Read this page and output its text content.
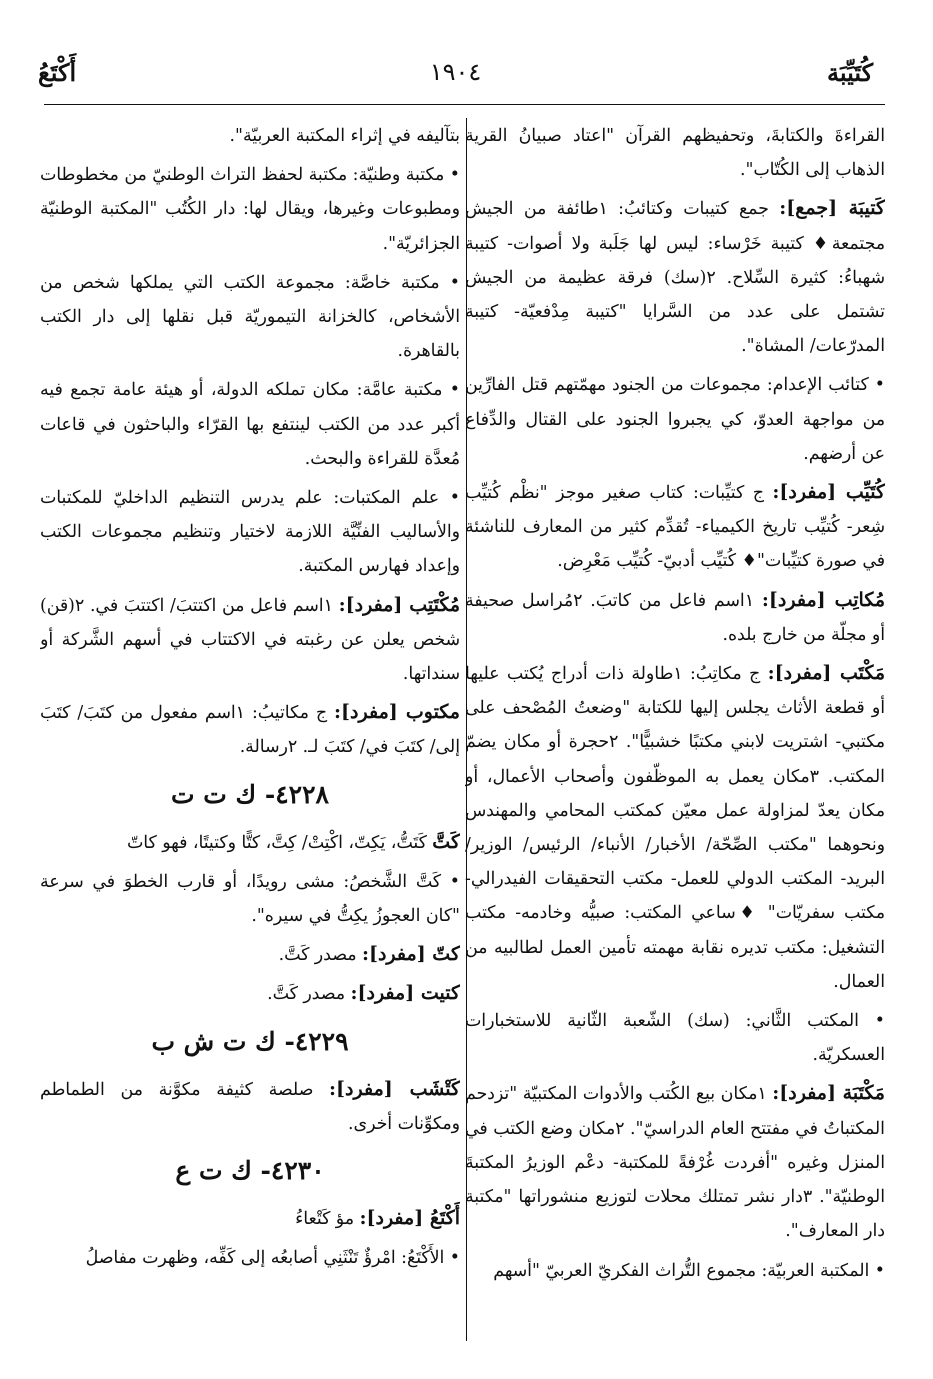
كُتَيِّبَة
١٩٠٤
أَكْتَعُ

القراءةَ والكتابةَ، وتحفيظهم القرآن "اعتاد صبيانُ القرية الذهاب إلى الكُتّاب".

كَتيبَة [جمع]: جمع كتيبات وكتائبُ: ١طائفة من الجيش مجتمعة♦ كتيبة خَرْساء: ليس لها جَلَبة ولا أصوات- كتيبة شهباءُ: كثيرة السِّلاح. ٢(سك) فرقة عظيمة من الجيش تشتمل على عدد من السَّرايا "كتيبة مِدْفعيّة- كتيبة المدرّعات/ المشاة".

• كتائب الإعدام: مجموعات من الجنود مهمّتهم قتل الفارِّين من مواجهة العدوّ، كي يجبروا الجنود على القتال والدِّفاع عن أرضهم.

كُتَيِّب [مفرد]: ج كتيِّبات: كتاب صغير موجز "نظْم كُتيِّب شِعر- كُتيِّب تاريخ الكيمياء- تُقدِّم كثير من المعارف للناشئة في صورة كتيِّبات"♦ كُتيِّب أدبيّ- كُتيِّب مَعْرِض.

مُكاتِب [مفرد]: ١اسم فاعل من كاتبَ. ٢مُراسل صحيفة أو مجلّة من خارج بلده.

مَكْتَب [مفرد]: ج مكاتِبُ: ١طاولة ذات أدراج يُكتب عليها أو قطعة الأثاث يجلس إليها للكتابة "وضعتُ المُصْحف على مكتبي- اشتريت لابني مكتبًا خشبيًّا". ٢حجرة أو مكان يضمّ المكتب. ٣مكان يعمل به الموظّفون وأصحاب الأعمال، أو مكان يعدّ لمزاولة عمل معيّن كمكتب المحامي والمهندس ونحوهما "مكتب الصِّحّة/ الأخبار/ الأنباء/ الرئيس/ الوزير/ البريد- المكتب الدولي للعمل- مكتب التحقيقات الفيدرالي- مكتب سفريّات" ♦ساعي المكتب: صبيُّه وخادمه- مكتب التشغيل: مكتب تديره نقابة مهمته تأمين العمل لطالبيه من العمال.

• المكتب الثَّاني: (سك) الشّعبة الثّانية للاستخبارات العسكريّة.

مَكْتَبَة [مفرد]: ١مكان بيع الكُتب والأدوات المكتبيّة "تزدحم المكتباتُ في مفتتح العام الدراسيّ". ٢مكان وضع الكتب في المنزل وغيره "أفردت غُرْفةً للمكتبة- دعْم الوزيرُ المكتبةَ الوطنيّة". ٣دار نشر تمتلك محلات لتوزيع منشوراتها "مكتبة دار المعارف".

• المكتبة العربيّة: مجموع التُّراث الفكريّ العربيّ "أسهم

بتآليفه في إثراء المكتبة العربيّة".

• مكتبة وطنيّة: مكتبة لحفظ التراث الوطنيّ من مخطوطات ومطبوعات وغيرها، ويقال لها: دار الكُتُب "المكتبة الوطنيّة الجزائريّة".

• مكتبة خاصَّة: مجموعة الكتب التي يملكها شخص من الأشخاص، كالخزانة التيموريّة قبل نقلها إلى دار الكتب بالقاهرة.

• مكتبة عامَّة: مكان تملكه الدولة، أو هيئة عامة تجمع فيه أكبر عدد من الكتب لينتفع بها القرّاء والباحثون في قاعات مُعدَّة للقراءة والبحث.

• علم المكتبات: علم يدرس التنظيم الداخليّ للمكتبات والأساليب الفنِّيَّة اللازمة لاختيار وتنظيم مجموعات الكتب وإعداد فهارس المكتبة.

مُكْتَتِب [مفرد]: ١اسم فاعل من اكتتبَ/ اكتتبَ في. ٢(قن) شخص يعلن عن رغبته في الاكتتاب في أسهم الشَّركة أو سنداتها.

مكتوب [مفرد]: ج مكاتيبُ: ١اسم مفعول من كتَبَ/ كتَبَ إلى/ كتَبَ في/ كتَبَ لـ. ٢رسالة.

٤٢٢٨- ك ت ت

كَتَّ كَتَتُّ، يَكِتّ، اكْتِتْ/ كِتَّ، كتًّا وكتيتًا، فهو كاتّ

• كَتَّ الشَّخصُ: مشى رويدًا، أو قارب الخطوَ في سرعة "كان العجوزُ يكِتُّ في سيره".

كتّ [مفرد]: مصدر كَتَّ.

كتيت [مفرد]: مصدر كَتَّ.

٤٢٢٩- ك ت ش ب

كَتْشَب [مفرد]: صلصة كثيفة مكوَّنة من الطماطم ومكوِّنات أخرى.

٤٢٣٠- ك ت ع

أَكْتَعُ [مفرد]: مؤ كَتْعاءُ

• الأَكْتَعُ: امْرؤٌ تَنْثَنِي أصابعُه إلى كَفِّه، وظهرت مفاصلُ
